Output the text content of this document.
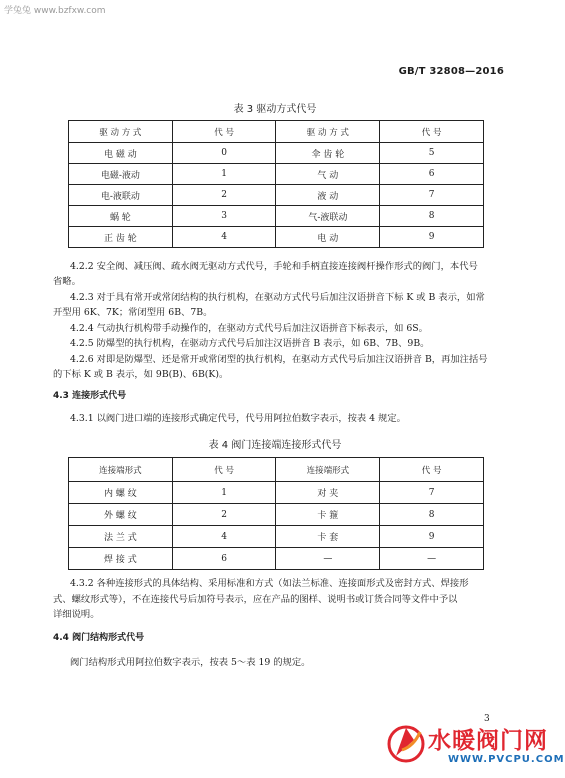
学兔兔 www.bzfxw.com
GB/T 32808—2016
表 3 驱动方式代号
驱 动 方 式	代 号	驱 动 方 式	代 号
电 磁 动	0	伞 齿 轮	5
电磁-液动	1	气 动	6
电-液联动	2	液 动	7
蜗 轮	3	气-液联动	8
正 齿 轮	4	电 动	9
4.2.2 安全阀、减压阀、疏水阀无驱动方式代号，手轮和手柄直接连接阀杆操作形式的阀门，本代号
省略。
4.2.3 对于具有常开或常闭结构的执行机构，在驱动方式代号后加注汉语拼音下标 K 或 B 表示，如常
开型用 6K、7K；常闭型用 6B、7B。
4.2.4 气动执行机构带手动操作的，在驱动方式代号后加注汉语拼音下标表示，如 6S。
4.2.5 防爆型的执行机构，在驱动方式代号后加注汉语拼音 B 表示，如 6B、7B、9B。
4.2.6 对即是防爆型、还是常开或常闭型的执行机构，在驱动方式代号后加注汉语拼音 B，再加注括号
的下标 K 或 B 表示，如 9B(B)、6B(K)。
4.3 连接形式代号
4.3.1 以阀门进口端的连接形式确定代号，代号用阿拉伯数字表示，按表 4 规定。
表 4 阀门连接端连接形式代号
连接端形式	代 号	连接端形式	代 号
内 螺 纹	1	对 夹	7
外 螺 纹	2	卡 箍	8
法 兰 式	4	卡 套	9
焊 接 式	6	—	—
4.3.2 各种连接形式的具体结构、采用标准和方式（如法兰标准、连接面形式及密封方式、焊接形
式、螺纹形式等），不在连接代号后加符号表示，应在产品的图样、说明书或订货合同等文件中予以
详细说明。
4.4 阀门结构形式代号
阀门结构形式用阿拉伯数字表示，按表 5～表 19 的规定。
3
水暖阀门网
WWW.PVCPU.COM
